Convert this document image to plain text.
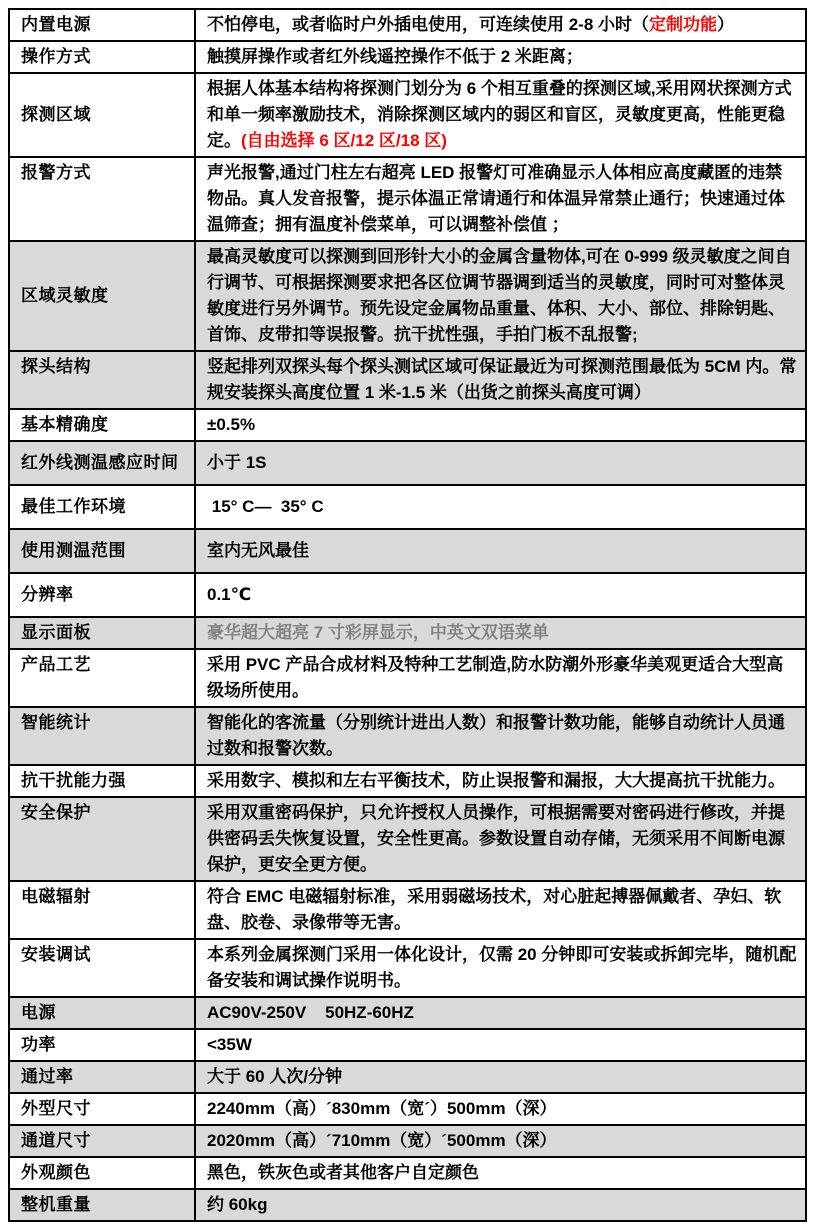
内置电源	不怕停电，或者临时户外插电使用，可连续使用 2-8 小时（定制功能）
操作方式	触摸屏操作或者红外线遥控操作不低于 2 米距离；
探测区域	根据人体基本结构将探测门划分为 6 个相互重叠的探测区域,采用网状探测方式和单一频率激励技术，消除探测区域内的弱区和盲区，灵敏度更高，性能更稳定。(自由选择 6 区/12 区/18 区)
报警方式	声光报警,通过门柱左右超亮 LED 报警灯可准确显示人体相应高度藏匿的违禁物品。真人发音报警，提示体温正常请通行和体温异常禁止通行；快速通过体温筛查；拥有温度补偿菜单，可以调整补偿值 ；
区域灵敏度	最高灵敏度可以探测到回形针大小的金属含量物体,可在 0-999 级灵敏度之间自行调节、可根据探测要求把各区位调节器调到适当的灵敏度，同时可对整体灵敏度进行另外调节。预先设定金属物品重量、体积、大小、部位、排除钥匙、首饰、皮带扣等误报警。抗干扰性强，手拍门板不乱报警;
探头结构	竖起排列双探头每个探头测试区域可保证最近为可探测范围最低为 5CM 内。常规安装探头高度位置 1 米-1.5 米（出货之前探头高度可调）
基本精确度	±0.5%
红外线测温感应时间	小于 1S
最佳工作环境	15° C—  35° C
使用测温范围	室内无风最佳
分辨率	0.1℃
显示面板	豪华超大超亮 7 寸彩屏显示，中英文双语菜单
产品工艺	采用 PVC 产品合成材料及特种工艺制造,防水防潮外形豪华美观更适合大型高级场所使用。
智能统计	智能化的客流量（分别统计进出人数）和报警计数功能，能够自动统计人员通过数和报警次数。
抗干扰能力强	采用数字、模拟和左右平衡技术，防止误报警和漏报，大大提高抗干扰能力。
安全保护	采用双重密码保护，只允许授权人员操作，可根据需要对密码进行修改，并提供密码丢失恢复设置，安全性更高。参数设置自动存储，无须采用不间断电源保护，更安全更方便。
电磁辐射	符合 EMC 电磁辐射标准，采用弱磁场技术，对心脏起搏器佩戴者、孕妇、软盘、胶卷、录像带等无害。
安装调试	本系列金属探测门采用一体化设计，仅需 20 分钟即可安装或拆卸完毕，随机配备安装和调试操作说明书。
电源	AC90V-250V    50HZ-60HZ
功率	<35W
通过率	大于 60 人次/分钟
外型尺寸	2240mm（高）´830mm（宽´）500mm（深）
通道尺寸	2020mm（高）´710mm（宽）´500mm（深）
外观颜色	黑色，铁灰色或者其他客户自定颜色
整机重量	约 60kg
